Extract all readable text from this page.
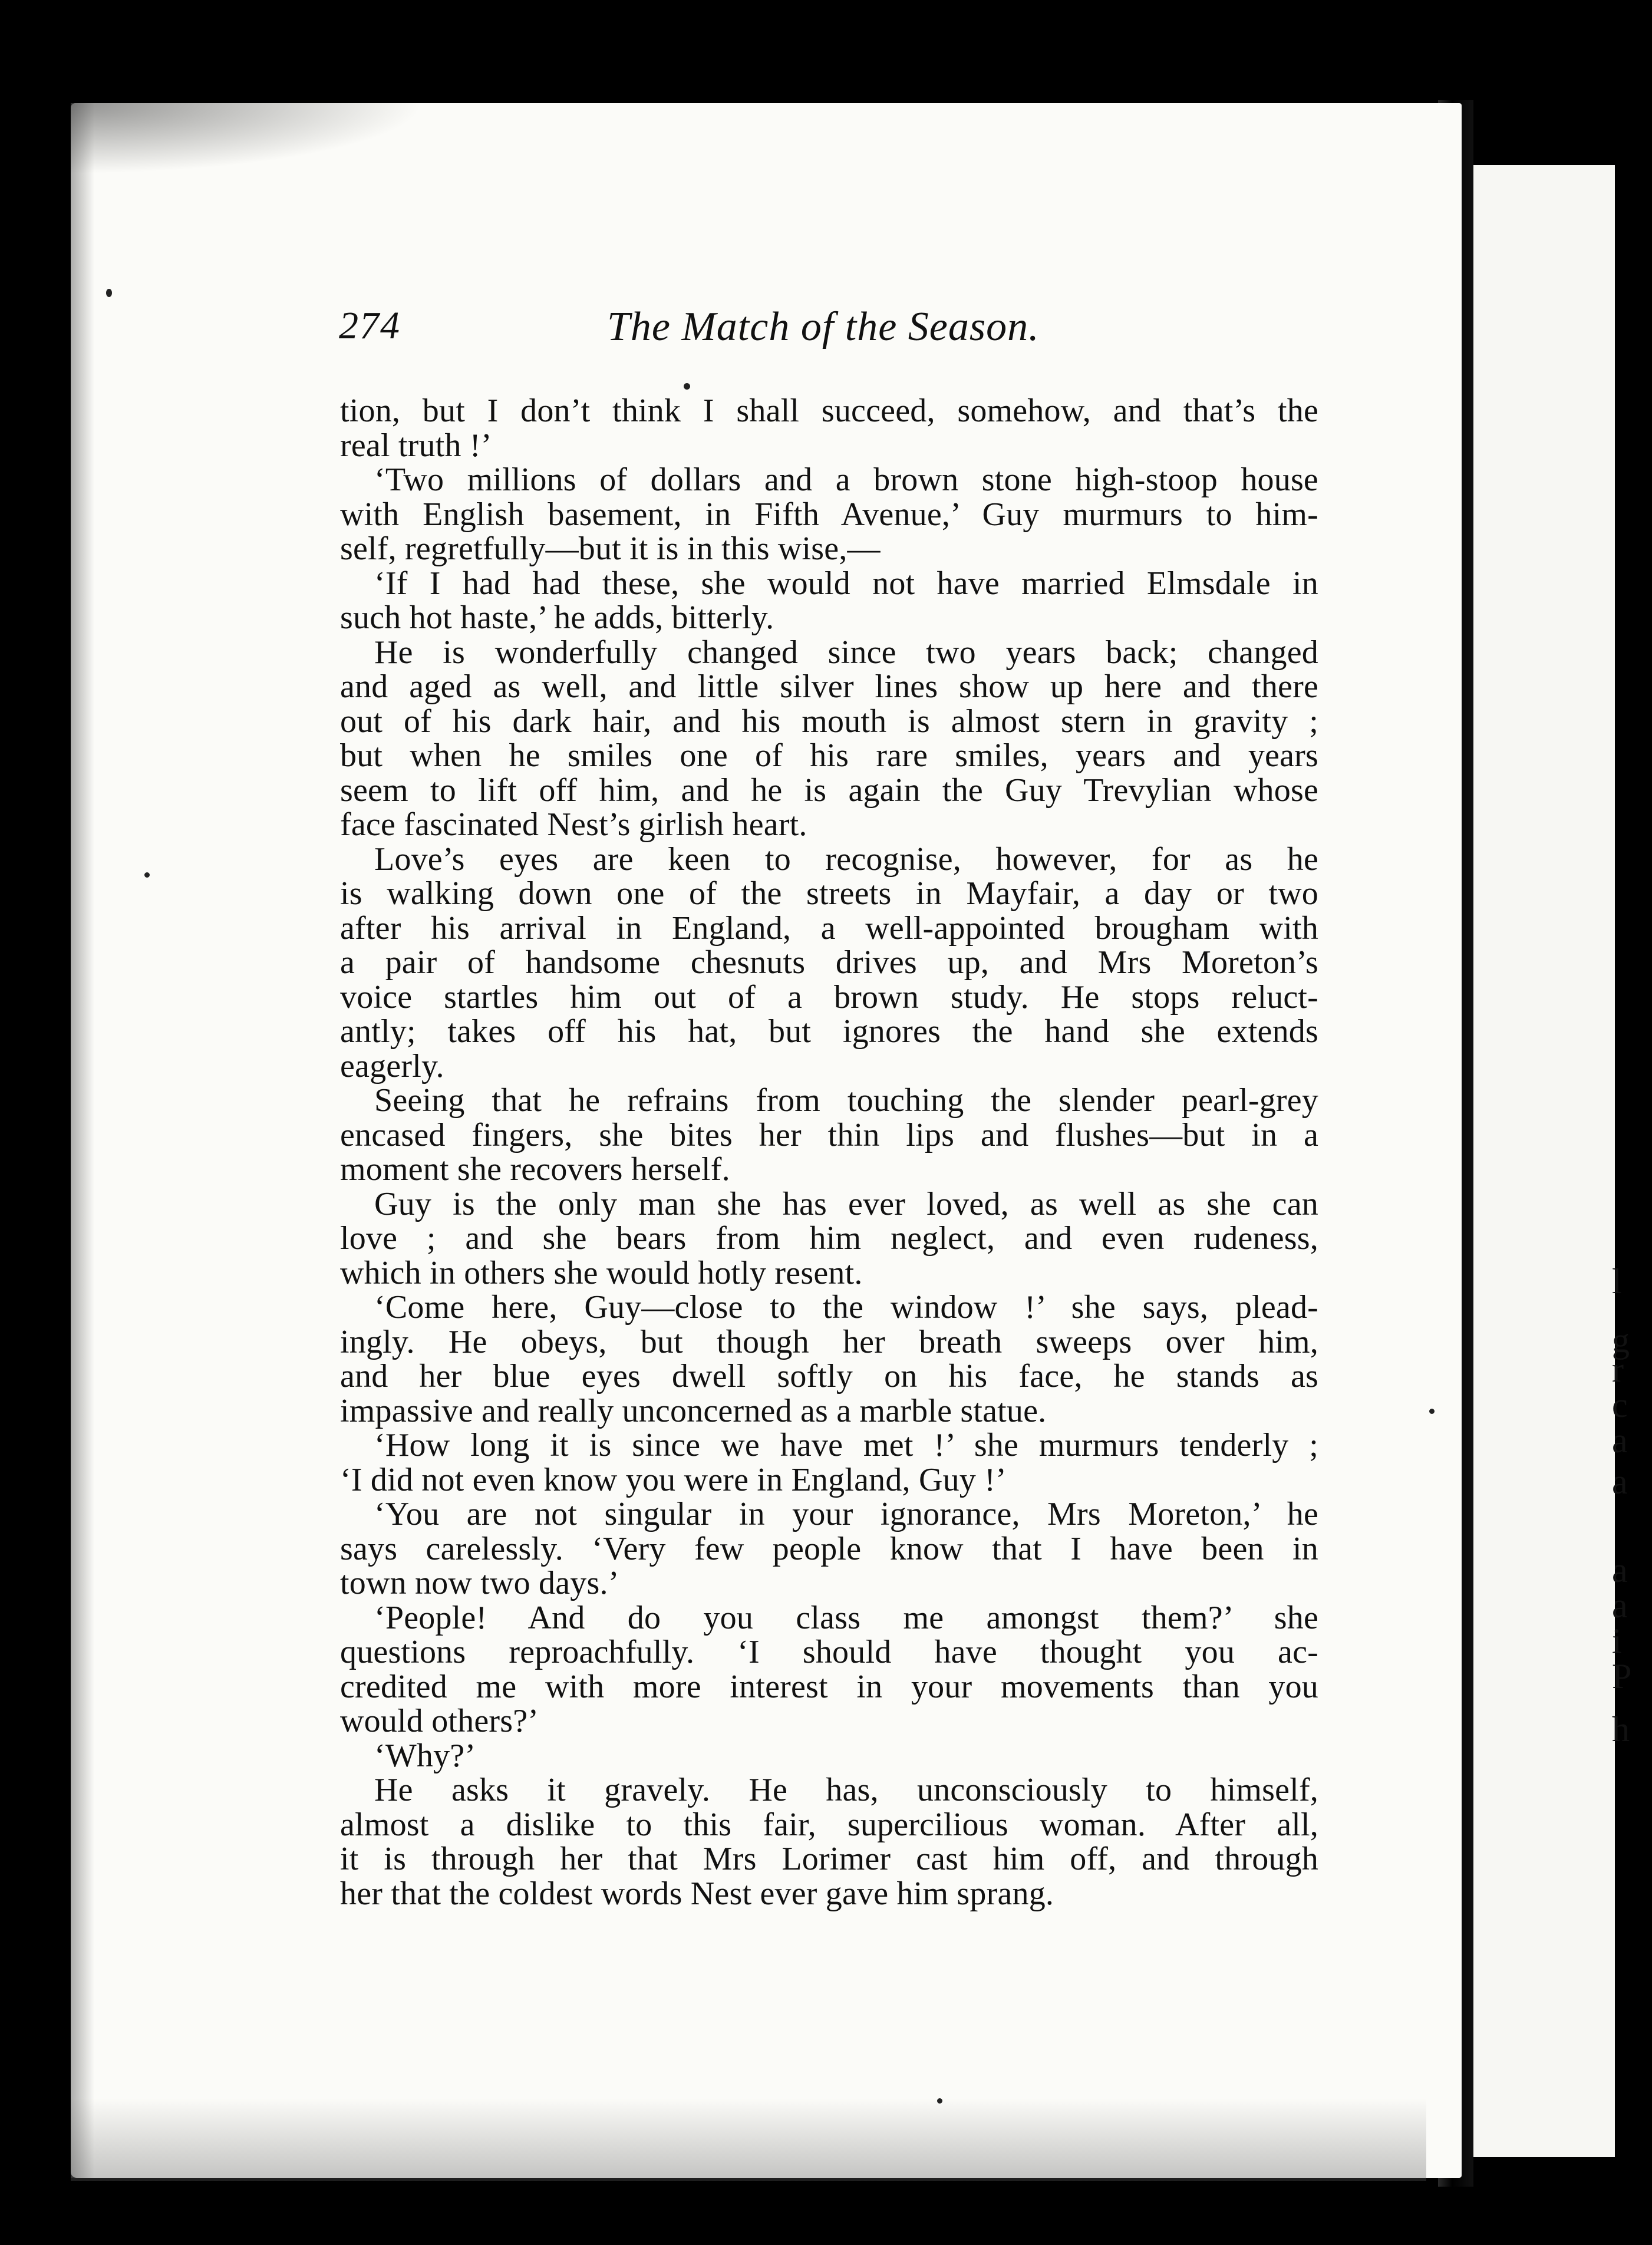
l
g
r
c
a
a
a
a
i
P
h
274	The Match of the Season.
tion, but I don’t think I shall succeed, somehow, and that’s the
real truth !’
‘Two millions of dollars and a brown stone high-stoop house
with English basement, in Fifth Avenue,’ Guy murmurs to him-
self, regretfully—but it is in this wise,—
‘If I had had these, she would not have married Elmsdale in
such hot haste,’ he adds, bitterly.
He is wonderfully changed since two years back; changed
and aged as well, and little silver lines show up here and there
out of his dark hair, and his mouth is almost stern in gravity ;
but when he smiles one of his rare smiles, years and years
seem to lift off him, and he is again the Guy Trevylian whose
face fascinated Nest’s girlish heart.
Love’s eyes are keen to recognise, however, for as he
is walking down one of the streets in Mayfair, a day or two
after his arrival in England, a well-appointed brougham with
a pair of handsome chesnuts drives up, and Mrs Moreton’s
voice startles him out of a brown study. He stops reluct-
antly; takes off his hat, but ignores the hand she extends
eagerly.
Seeing that he refrains from touching the slender pearl-grey
encased fingers, she bites her thin lips and flushes—but in a
moment she recovers herself.
Guy is the only man she has ever loved, as well as she can
love ; and she bears from him neglect, and even rudeness,
which in others she would hotly resent.
‘Come here, Guy—close to the window !’ she says, plead-
ingly. He obeys, but though her breath sweeps over him,
and her blue eyes dwell softly on his face, he stands as
impassive and really unconcerned as a marble statue.
‘How long it is since we have met !’ she murmurs tenderly ;
‘I did not even know you were in England, Guy !’
‘You are not singular in your ignorance, Mrs Moreton,’ he
says carelessly. ‘Very few people know that I have been in
town now two days.’
‘People! And do you class me amongst them?’ she
questions reproachfully. ‘I should have thought you ac-
credited me with more interest in your movements than you
would others?’
‘Why?’
He asks it gravely. He has, unconsciously to himself,
almost a dislike to this fair, supercilious woman. After all,
it is through her that Mrs Lorimer cast him off, and through
her that the coldest words Nest ever gave him sprang.
